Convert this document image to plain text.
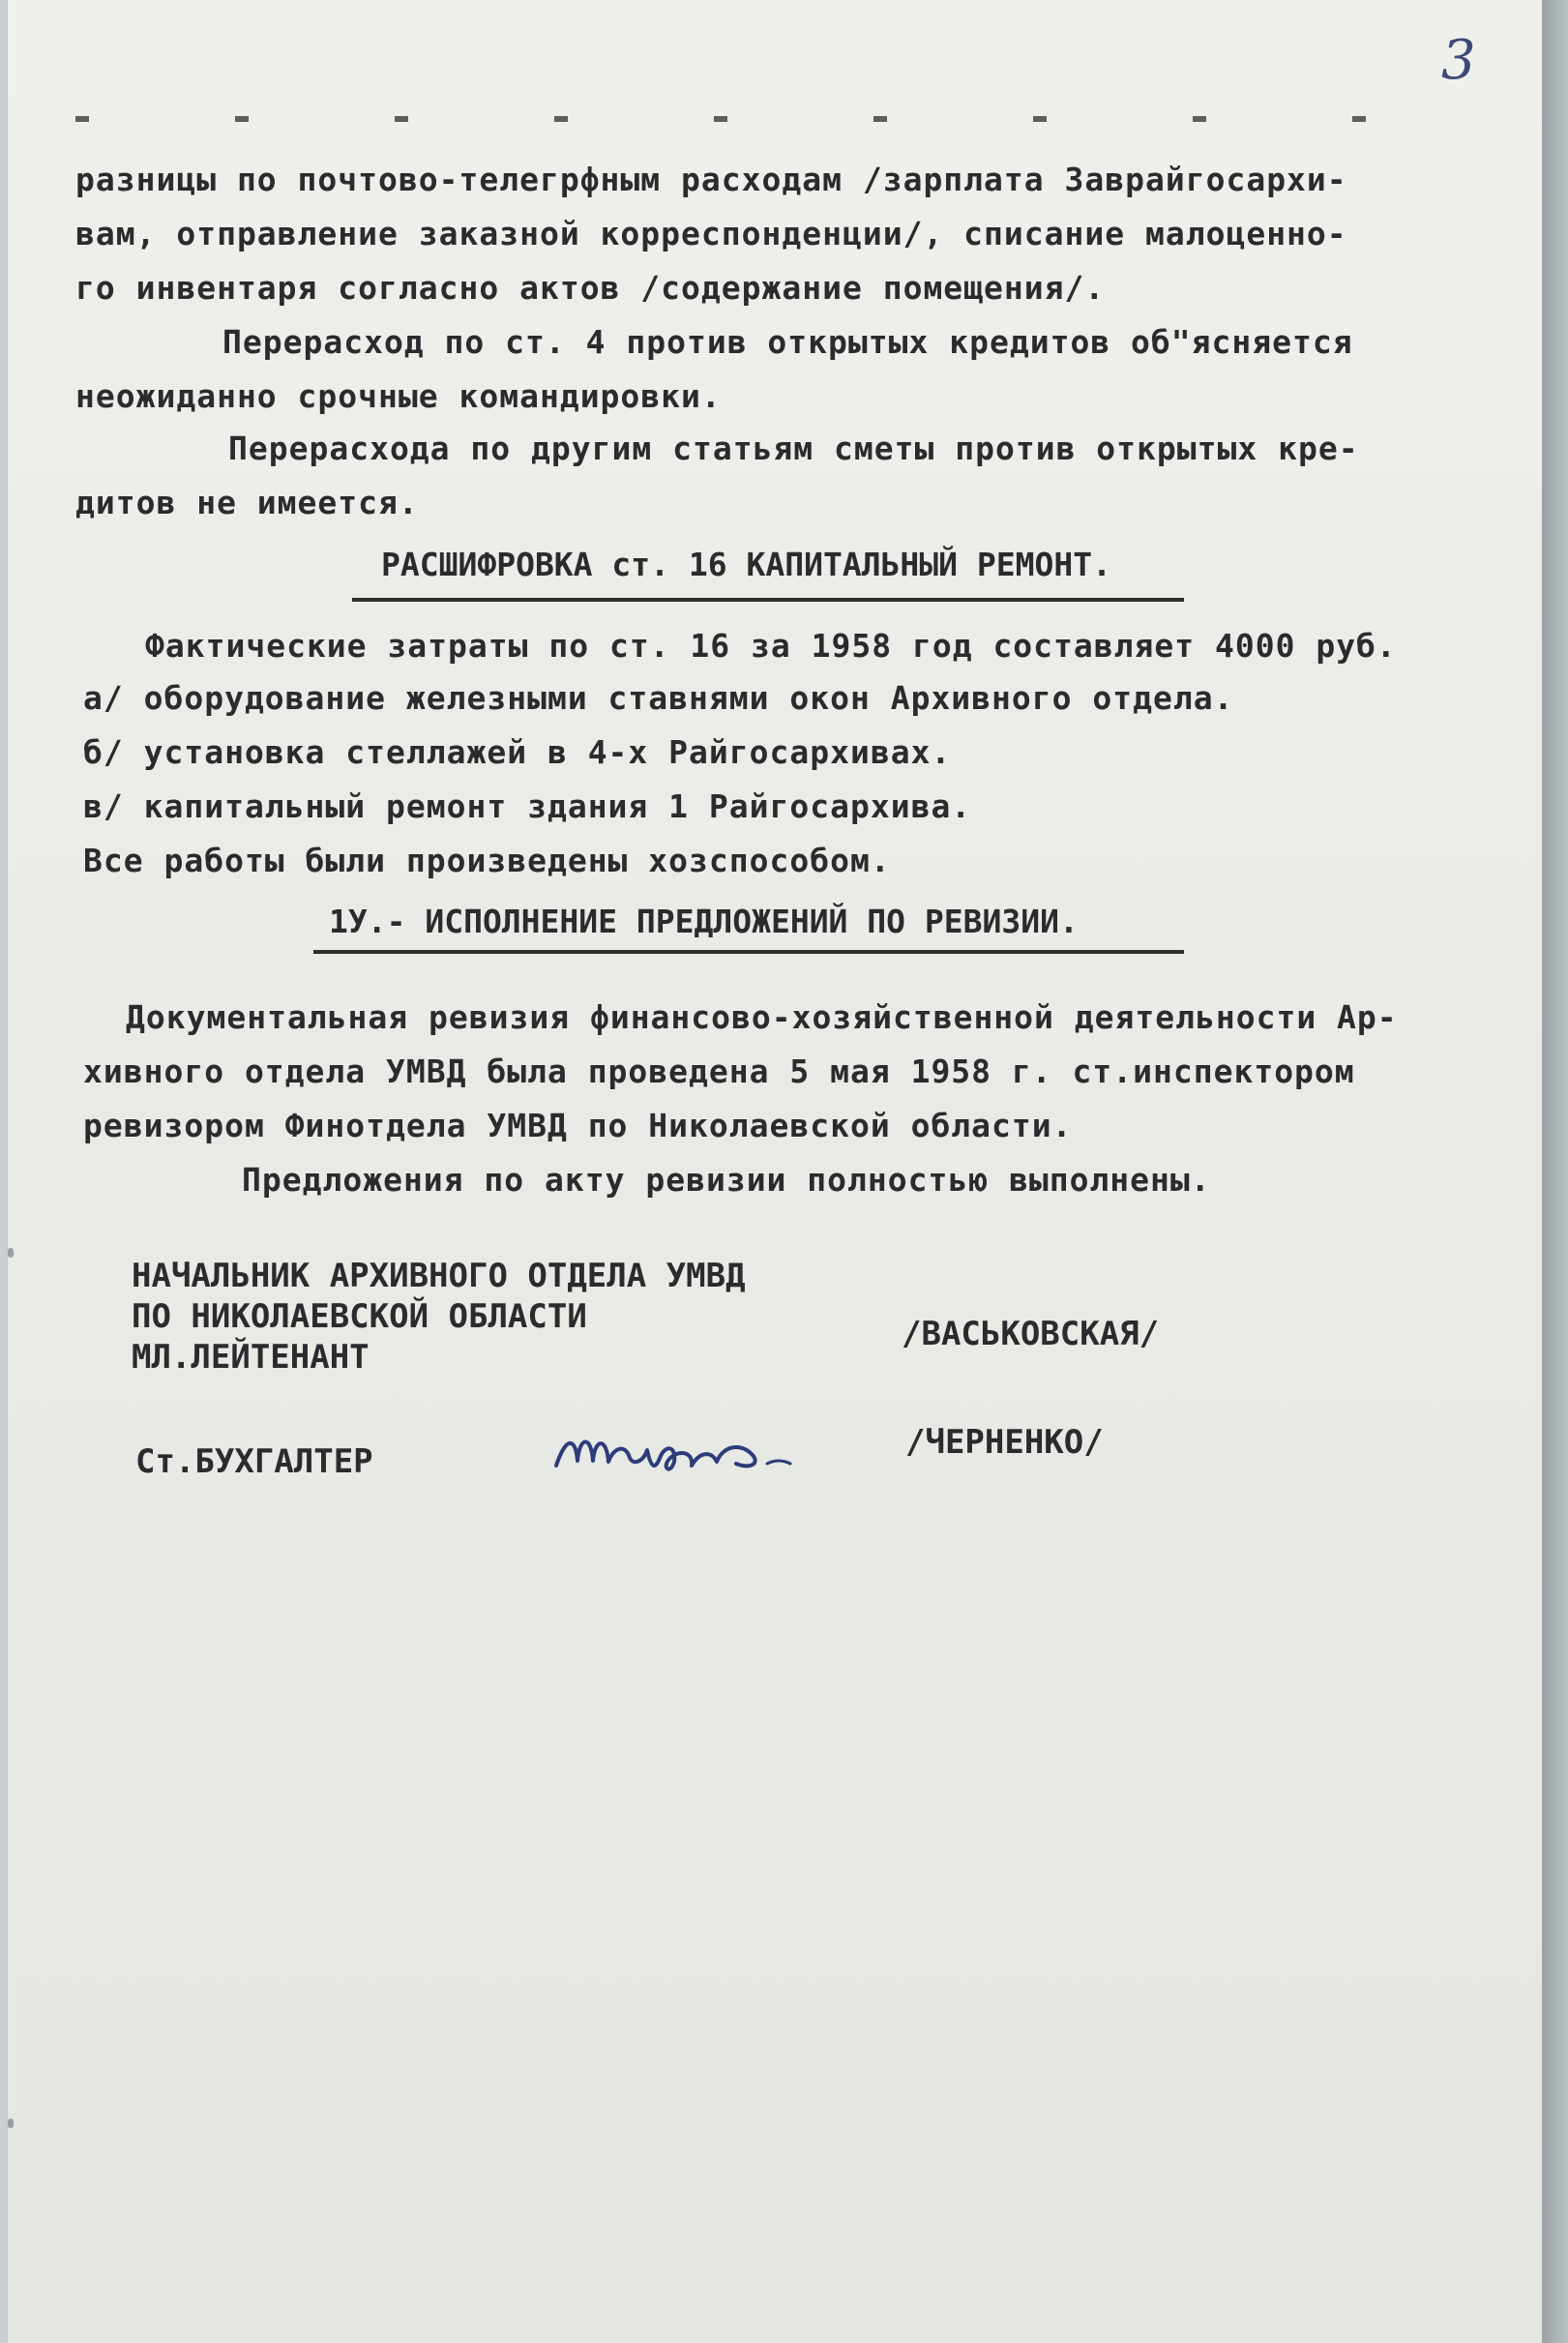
3
разницы по почтово-телегрфным расходам /зарплата Заврайгосархи-
вам, отправление заказной корреспонденции/, списание малоценно-
го инвентаря согласно актов /содержание помещения/.
Перерасход по ст. 4 против открытых кредитов об"ясняется
неожиданно срочные командировки.
Перерасхода по другим статьям сметы против открытых кре-
дитов не имеется.
РАСШИФРОВКА ст. 16 КАПИТАЛЬНЫЙ РЕМОНТ.
Фактические затраты по ст. 16 за 1958 год составляет 4000 руб.
а/ оборудование железными ставнями окон Архивного отдела.
б/ установка стеллажей в 4-х Райгосархивах.
в/ капитальный ремонт здания 1 Райгосархива.
Все работы были произведены хозспособом.
1У.- ИСПОЛНЕНИЕ ПРЕДЛОЖЕНИЙ ПО РЕВИЗИИ.
Документальная ревизия финансово-хозяйственной деятельности Ар-
хивного отдела УМВД была проведена 5 мая 1958 г. ст.инспектором
ревизором Финотдела УМВД по Николаевской области.
Предложения по акту ревизии полностью выполнены.
НАЧАЛЬНИК АРХИВНОГО ОТДЕЛА УМВД
ПО НИКОЛАЕВСКОЙ ОБЛАСТИ
МЛ.ЛЕЙТЕНАНТ
/ВАСЬКОВСКАЯ/
Ст.БУХГАЛТЕР	/ЧЕРНЕНКО/
